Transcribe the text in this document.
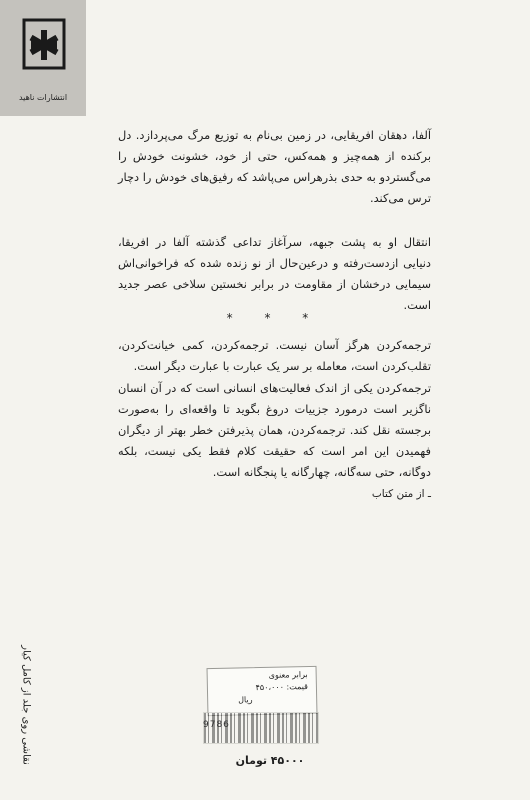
انتشارات ناهید

آلفا، دهقان افریقایی، در زمین بی‌نام به توزیع مرگ می‌پردازد. دل برکنده از همه‌چیز و همه‌کس، حتی از خود، خشونت خودش را می‌گستردو به حدی بذرهراس می‌پاشد که رفیق‌های خودش را دچار ترس می‌کند.

انتقال او به پشت جبهه، سرآغاز تداعی گذشته آلفا در افریقا، دنیایی ازدست‌رفته و درعین‌حال از نو زنده شده که فراخوانی‌اش سیمایی درخشان از مقاومت در برابر نخستین سلاخی عصر جدید است.

* * *

ترجمه‌کردن هرگز آسان نیست. ترجمه‌کردن، کمی خیانت‌کردن، تقلب‌کردن است، معامله بر سر یک عبارت با عبارت دیگر است.

ترجمه‌کردن یکی از اندک فعالیت‌های انسانی است که در آن انسان ناگزیر است درمورد جزییات دروغ بگوید تا واقعه‌ای را به‌صورت برجسته نقل کند. ترجمه‌کردن، همان پذیرفتن خطر بهتر از دیگران فهمیدن این امر است که حقیقت کلام فقط یکی نیست، بلکه دوگانه، حتی سه‌گانه، چهارگانه یا پنجگانه است.

ـ از متن کتاب
نقاشی روی جلد از کامل کیار	برابر معنوی
قیمت: ۴۵۰،۰۰۰
ریال
9786
۴۵۰۰۰ تومان
